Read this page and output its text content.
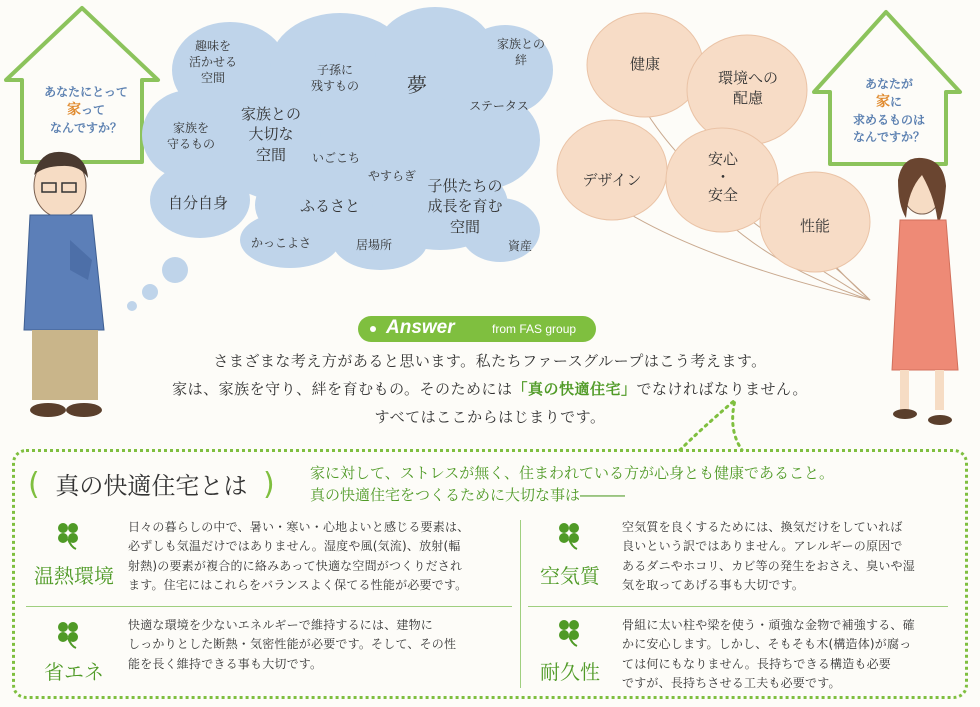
あなたにとって
家って
なんですか？
あなたが
家に
求めるものは
なんですか？
趣味を
活かせる
空間
子孫に
残すもの	夢
家族との
絆
ステータス
家族との
大切な
空間
家族を
守るもの
いごこち
やすらぎ
子供たちの
成長を育む
空間
自分自身	ふるさと
かっこよさ	居場所	資産
健康
環境への
配慮
デザイン
安心
・
安全
性能
Answer	from FAS group
さまざまな考え方があると思います。私たちファースグループはこう考えます。
家は、家族を守り、絆を育むもの。そのためには「真の快適住宅」でなければなりません。
すべてはここからはじまりです。
( 真の快適住宅とは ) 家に対して、ストレスが無く、住まわれている方が心身とも健康であること。
真の快適住宅をつくるために大切な事は―――
温熱環境
日々の暮らしの中で、暑い・寒い・心地よいと感じる要素は、
必ずしも気温だけではありません。湿度や風(気流)、放射(輻
射熱)の要素が複合的に絡みあって快適な空間がつくりだされ
ます。住宅にはこれらをバランスよく保てる性能が必要です。	空気質
空気質を良くするためには、換気だけをしていれば
良いという訳ではありません。アレルギーの原因で
あるダニやホコリ、カビ等の発生をおさえ、臭いや湿
気を取ってあげる事も大切です。
省エネ
快適な環境を少ないエネルギーで維持するには、建物に
しっかりとした断熱・気密性能が必要です。そして、その性
能を長く維持できる事も大切です。	耐久性
骨組に太い柱や梁を使う・頑強な金物で補強する、確
かに安心します。しかし、そもそも木(構造体)が腐っ
ては何にもなりません。長持ちできる構造も必要
ですが、長持ちさせる工夫も必要です。
